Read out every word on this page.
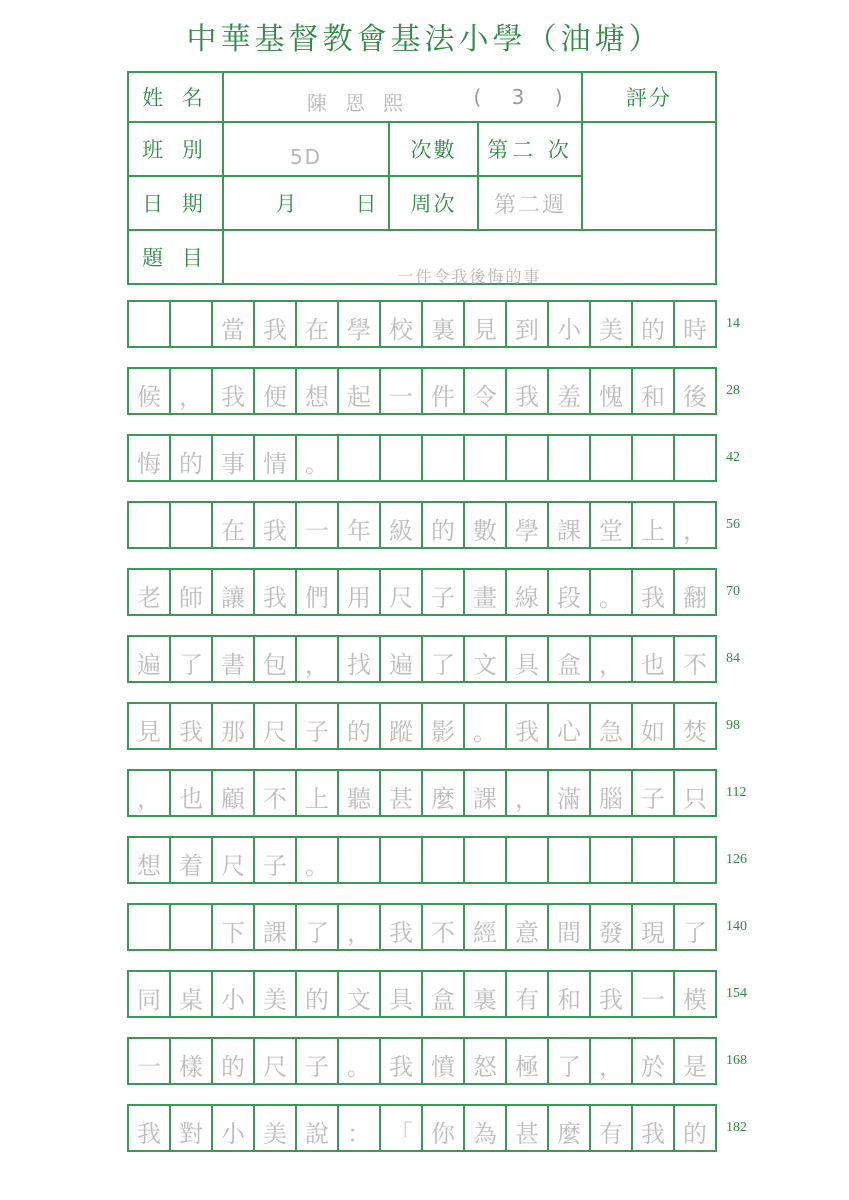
中華基督教會基法小學（油塘）
姓 名	陳恩熙	( 3 )	評分
班 別	5D	次數	第二 次
日 期	月	日	周次	第二週
題 目
一件令我後悔的事
當 我 在 學 校 裏 見 到 小 美 的 時	14
候 ， 我 便 想 起 一 件 令 我 羞 愧 和 後	28
悔 的 事 情 。	42
在 我 一 年 級 的 數 學 課 堂 上 ，	56
老 師 讓 我 們 用 尺 子 畫 線 段 。 我 翻	70
遍 了 書 包 ， 找 遍 了 文 具 盒 ， 也 不	84
見 我 那 尺 子 的 蹤 影 。 我 心 急 如 焚	98
， 也 顧 不 上 聽 甚 麼 課 ， 滿 腦 子 只	112
想 着 尺 子 。	126
下 課 了 ， 我 不 經 意 間 發 現 了	140
同 桌 小 美 的 文 具 盒 裏 有 和 我 一 模	154
一 樣 的 尺 子 。 我 憤 怒 極 了 ， 於 是	168
我 對 小 美 說 ： 「 你 為 甚 麼 有 我 的	182
